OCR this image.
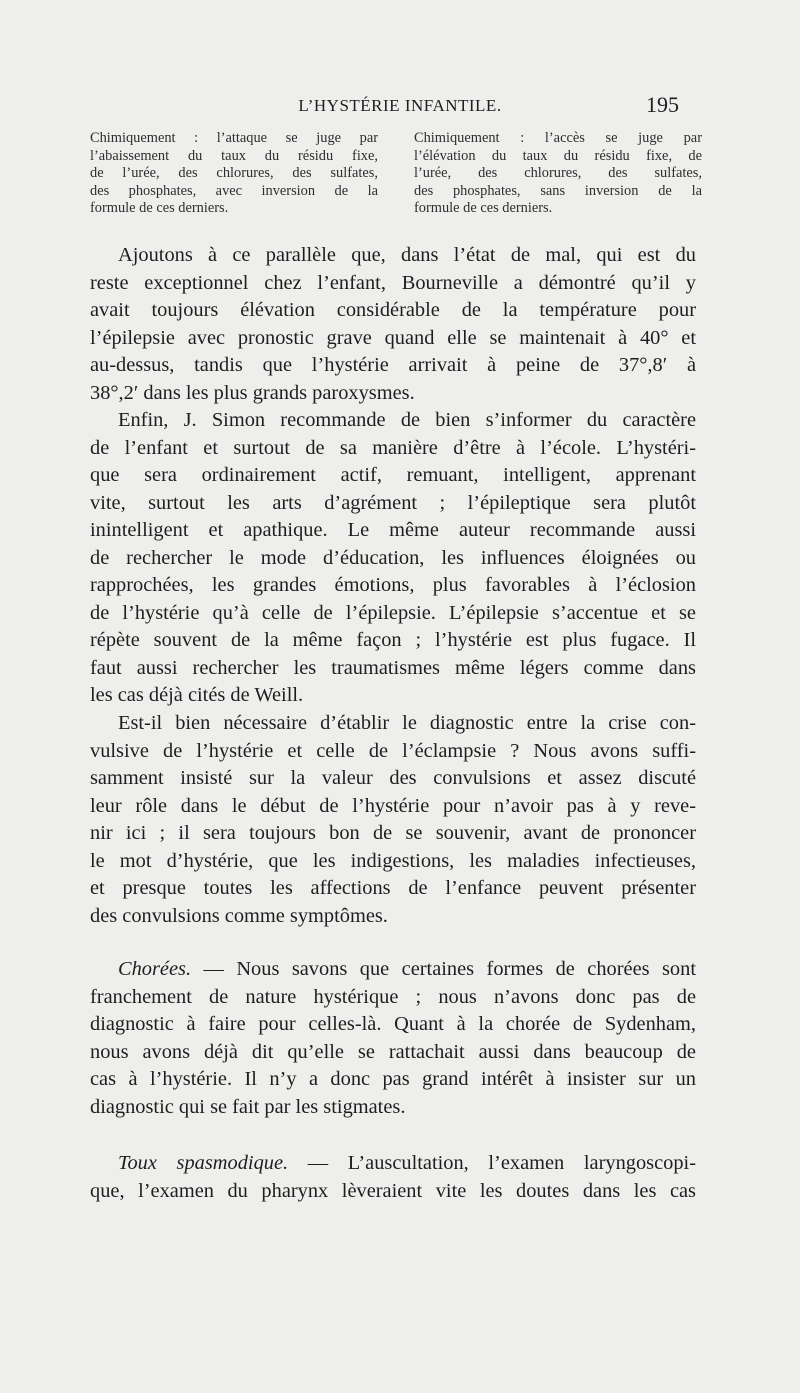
L’HYSTÉRIE INFANTILE.	195
Chimiquement : l’attaque se juge par
l’abaissement du taux du résidu fixe,
de l’urée, des chlorures, des sulfates,
des phosphates, avec inversion de la
formule de ces derniers.
Chimiquement : l’accès se juge par
l’élévation du taux du résidu fixe, de
l’urée, des chlorures, des sulfates,
des phosphates, sans inversion de la
formule de ces derniers.
Ajoutons à ce parallèle que, dans l’état de mal, qui est du
reste exceptionnel chez l’enfant, Bourneville a démontré qu’il y
avait toujours élévation considérable de la température pour
l’épilepsie avec pronostic grave quand elle se maintenait à 40° et
au-dessus, tandis que l’hystérie arrivait à peine de 37°,8′ à
38°,2′ dans les plus grands paroxysmes.
Enfin, J. Simon recommande de bien s’informer du caractère
de l’enfant et surtout de sa manière d’être à l’école. L’hystéri-
que sera ordinairement actif, remuant, intelligent, apprenant
vite, surtout les arts d’agrément ; l’épileptique sera plutôt
inintelligent et apathique. Le même auteur recommande aussi
de rechercher le mode d’éducation, les influences éloignées ou
rapprochées, les grandes émotions, plus favorables à l’éclosion
de l’hystérie qu’à celle de l’épilepsie. L’épilepsie s’accentue et se
répète souvent de la même façon ; l’hystérie est plus fugace. Il
faut aussi rechercher les traumatismes même légers comme dans
les cas déjà cités de Weill.
Est-il bien nécessaire d’établir le diagnostic entre la crise con-
vulsive de l’hystérie et celle de l’éclampsie ? Nous avons suffi-
samment insisté sur la valeur des convulsions et assez discuté
leur rôle dans le début de l’hystérie pour n’avoir pas à y reve-
nir ici ; il sera toujours bon de se souvenir, avant de prononcer
le mot d’hystérie, que les indigestions, les maladies infectieuses,
et presque toutes les affections de l’enfance peuvent présenter
des convulsions comme symptômes.
Chorées. — Nous savons que certaines formes de chorées sont
franchement de nature hystérique ; nous n’avons donc pas de
diagnostic à faire pour celles-là. Quant à la chorée de Sydenham,
nous avons déjà dit qu’elle se rattachait aussi dans beaucoup de
cas à l’hystérie. Il n’y a donc pas grand intérêt à insister sur un
diagnostic qui se fait par les stigmates.
Toux spasmodique. — L’auscultation, l’examen laryngoscopi-
que, l’examen du pharynx lèveraient vite les doutes dans les cas
